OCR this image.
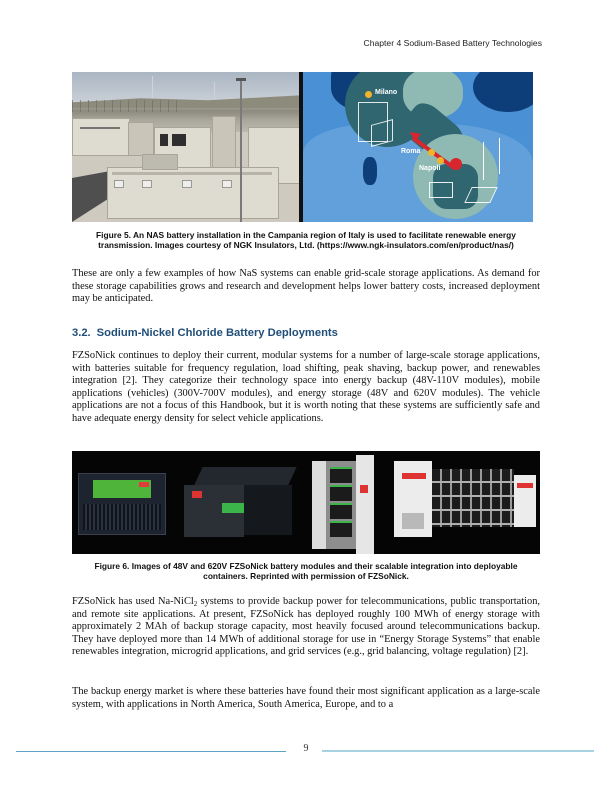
Chapter 4 Sodium-Based Battery Technologies
Milano
Roma
Napoli
Figure 5. An NAS battery installation in the Campania region of Italy is used to facilitate renewable energy transmission. Images courtesy of NGK Insulators, Ltd. (https://www.ngk-insulators.com/en/product/nas/)
These are only a few examples of how NaS systems can enable grid-scale storage applications. As demand for these storage capabilities grows and research and development helps lower battery costs, increased deployment may be anticipated.
3.2. Sodium-Nickel Chloride Battery Deployments
FZSoNick continues to deploy their current, modular systems for a number of large-scale storage applications, with batteries suitable for frequency regulation, load shifting, peak shaving, backup power, and renewables integration [2]. They categorize their technology space into energy backup (48V-110V modules), mobile applications (vehicles) (300V-700V modules), and energy storage (48V and 620V modules). The vehicle applications are not a focus of this Handbook, but it is worth noting that these systems are sufficiently safe and have adequate energy density for select vehicle applications.
Figure 6. Images of 48V and 620V FZSoNick battery modules and their scalable integration into deployable containers. Reprinted with permission of FZSoNick.
FZSoNick has used Na-NiCl$_2$ systems to provide backup power for telecommunications, public transportation, and remote site applications. At present, FZSoNick has deployed roughly 100 MWh of energy storage with approximately 2 MAh of backup storage capacity, most heavily focused around telecommunications backup. They have deployed more than 14 MWh of additional storage for use in “Energy Storage Systems” that enable renewables integration, microgrid applications, and grid services (e.g., grid balancing, voltage regulation) [2].
The backup energy market is where these batteries have found their most significant application as a large-scale system, with applications in North America, South America, Europe, and to a
9
